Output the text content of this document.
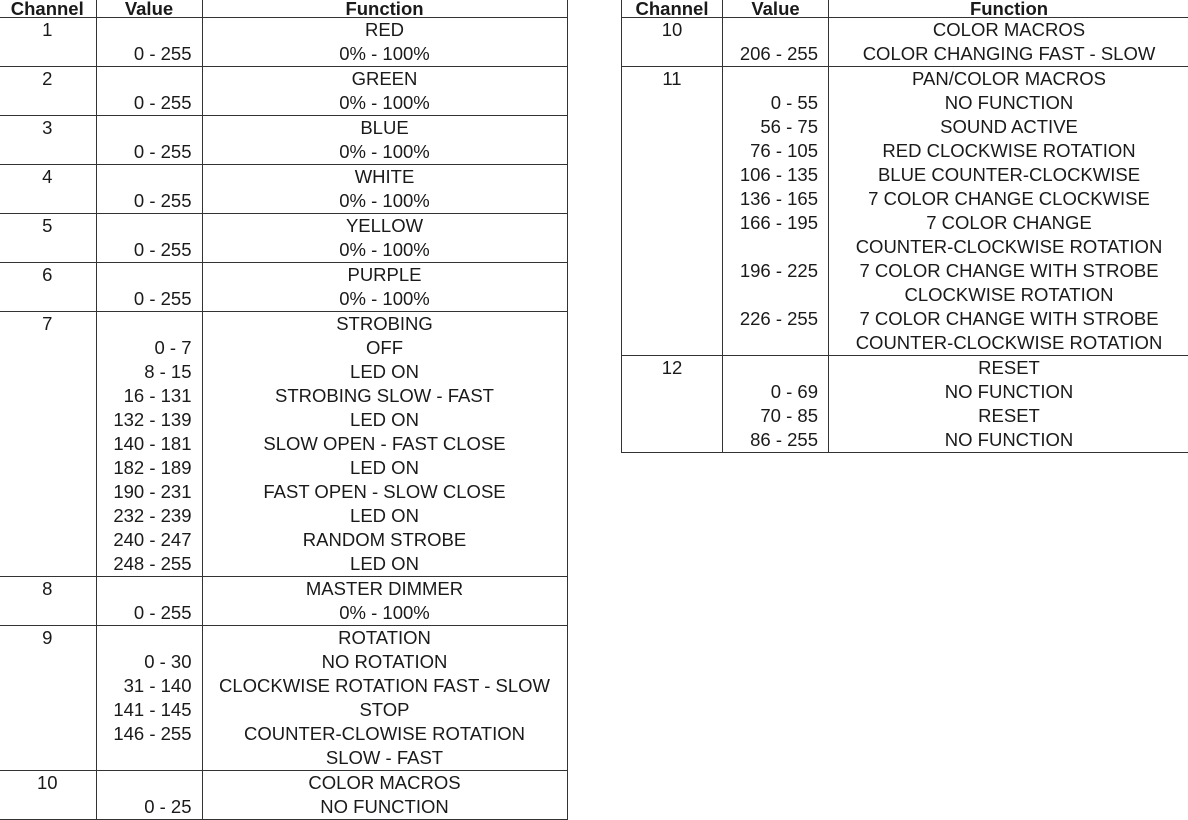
Channel	Value	Function
1		RED
	0 - 255	0% - 100%
2		GREEN
	0 - 255	0% - 100%
3		BLUE
	0 - 255	0% - 100%
4		WHITE
	0 - 255	0% - 100%
5		YELLOW
	0 - 255	0% - 100%
6		PURPLE
	0 - 255	0% - 100%
7		STROBING
	0 - 7	OFF
	8 - 15	LED ON
	16 - 131	STROBING SLOW - FAST
	132 - 139	LED ON
	140 - 181	SLOW OPEN - FAST CLOSE
	182 - 189	LED ON
	190 - 231	FAST OPEN - SLOW CLOSE
	232 - 239	LED ON
	240 - 247	RANDOM STROBE
	248 - 255	LED ON
8		MASTER DIMMER
	0 - 255	0% - 100%
9		ROTATION
	0 - 30	NO ROTATION
	31 - 140	CLOCKWISE ROTATION FAST - SLOW
	141 - 145	STOP
	146 - 255	COUNTER-CLOWISE ROTATION
		SLOW - FAST
10		COLOR MACROS
	0 - 25	NO FUNCTION
Channel	Value	Function
10		COLOR MACROS
	206 - 255	COLOR CHANGING FAST - SLOW
11		PAN/COLOR MACROS
	0 - 55	NO FUNCTION
	56 - 75	SOUND ACTIVE
	76 - 105	RED CLOCKWISE ROTATION
	106 - 135	BLUE COUNTER-CLOCKWISE
	136 - 165	7 COLOR CHANGE CLOCKWISE
	166 - 195	7 COLOR CHANGE
		COUNTER-CLOCKWISE ROTATION
	196 - 225	7 COLOR CHANGE WITH STROBE
		CLOCKWISE ROTATION
	226 - 255	7 COLOR CHANGE WITH STROBE
		COUNTER-CLOCKWISE ROTATION
12		RESET
	0 - 69	NO FUNCTION
	70 - 85	RESET
	86 - 255	NO FUNCTION
